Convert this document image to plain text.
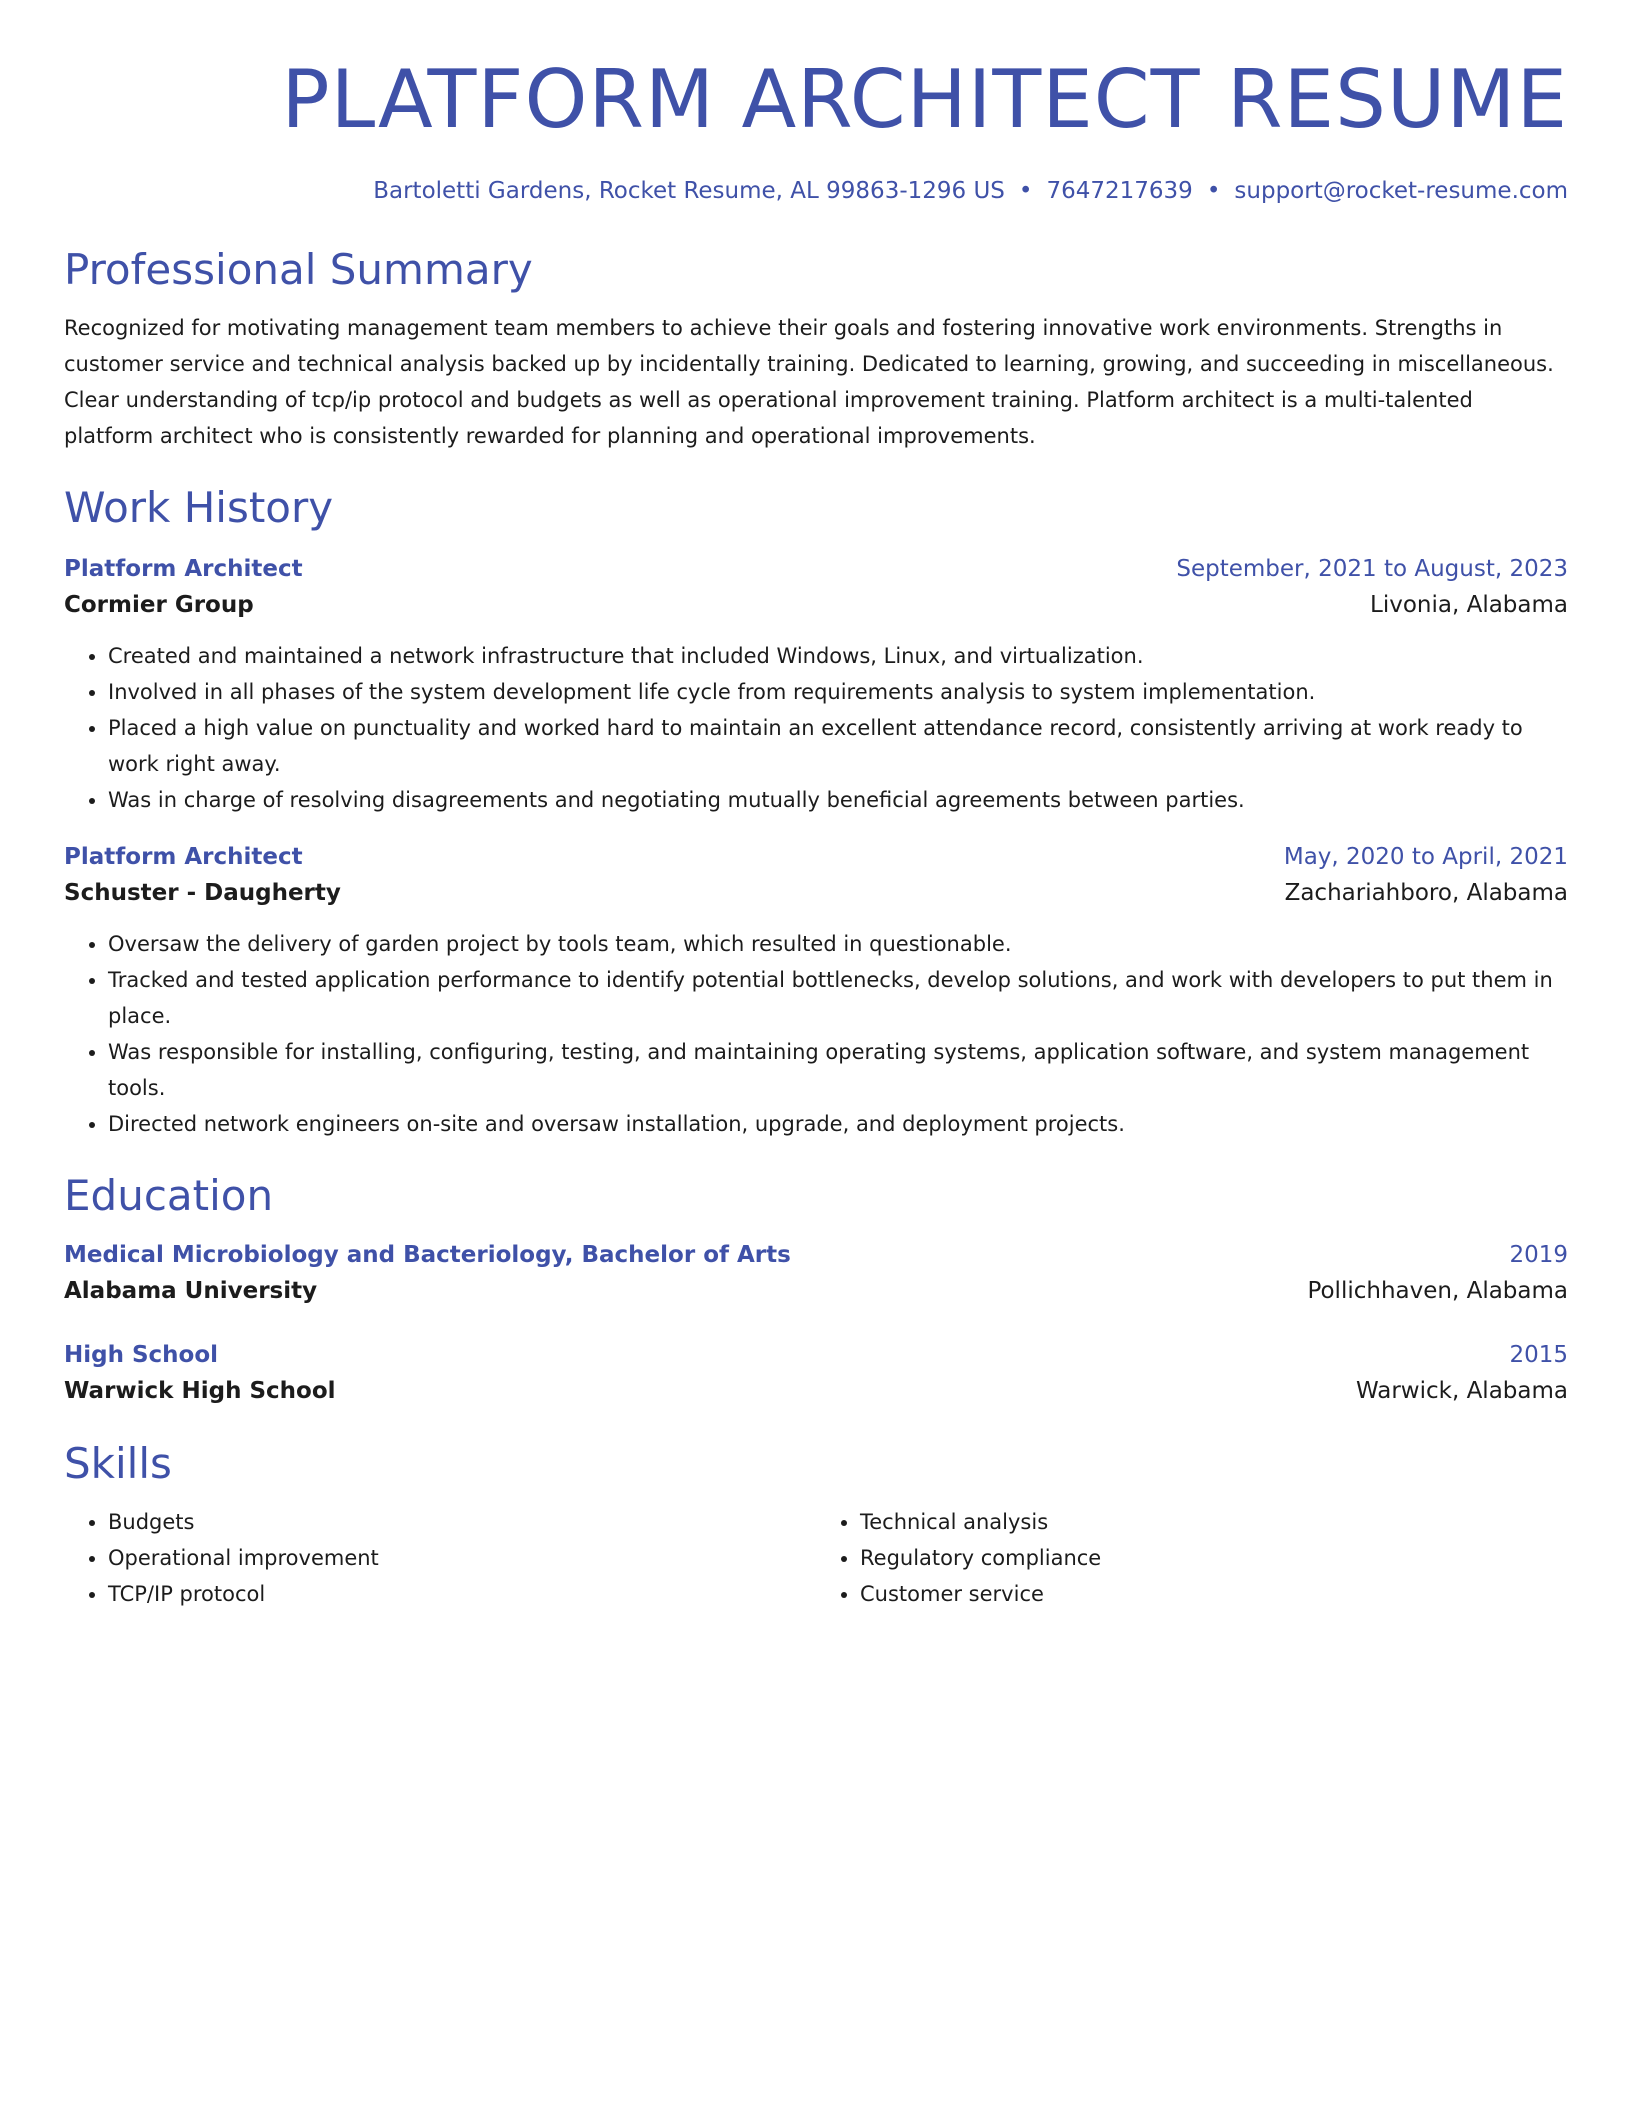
PLATFORM ARCHITECT RESUME
Bartoletti Gardens, Rocket Resume, AL 99863-1296 US • 7647217639 • support@rocket-resume.com
Professional Summary

Recognized for motivating management team members to achieve their goals and fostering innovative work environments. Strengths in customer service and technical analysis backed up by incidentally training. Dedicated to learning, growing, and succeeding in miscellaneous. Clear understanding of tcp/ip protocol and budgets as well as operational improvement training. Platform architect is a multi-talented platform architect who is consistently rewarded for planning and operational improvements.

Work History
Platform Architect	September, 2021 to August, 2023
Cormier Group	Livonia, Alabama
• Created and maintained a network infrastructure that included Windows, Linux, and virtualization.
• Involved in all phases of the system development life cycle from requirements analysis to system implementation.
• Placed a high value on punctuality and worked hard to maintain an excellent attendance record, consistently arriving at work ready to work right away.
• Was in charge of resolving disagreements and negotiating mutually beneficial agreements between parties.
Platform Architect	May, 2020 to April, 2021
Schuster - Daugherty	Zachariahboro, Alabama
• Oversaw the delivery of garden project by tools team, which resulted in questionable.
• Tracked and tested application performance to identify potential bottlenecks, develop solutions, and work with developers to put them in place.
• Was responsible for installing, configuring, testing, and maintaining operating systems, application software, and system management tools.
• Directed network engineers on-site and oversaw installation, upgrade, and deployment projects.
Education
Medical Microbiology and Bacteriology, Bachelor of Arts	2019
Alabama University	Pollichhaven, Alabama
High School	2015
Warwick High School	Warwick, Alabama
Skills
• Budgets
• Operational improvement
• TCP/IP protocol
• Technical analysis
• Regulatory compliance
• Customer service
